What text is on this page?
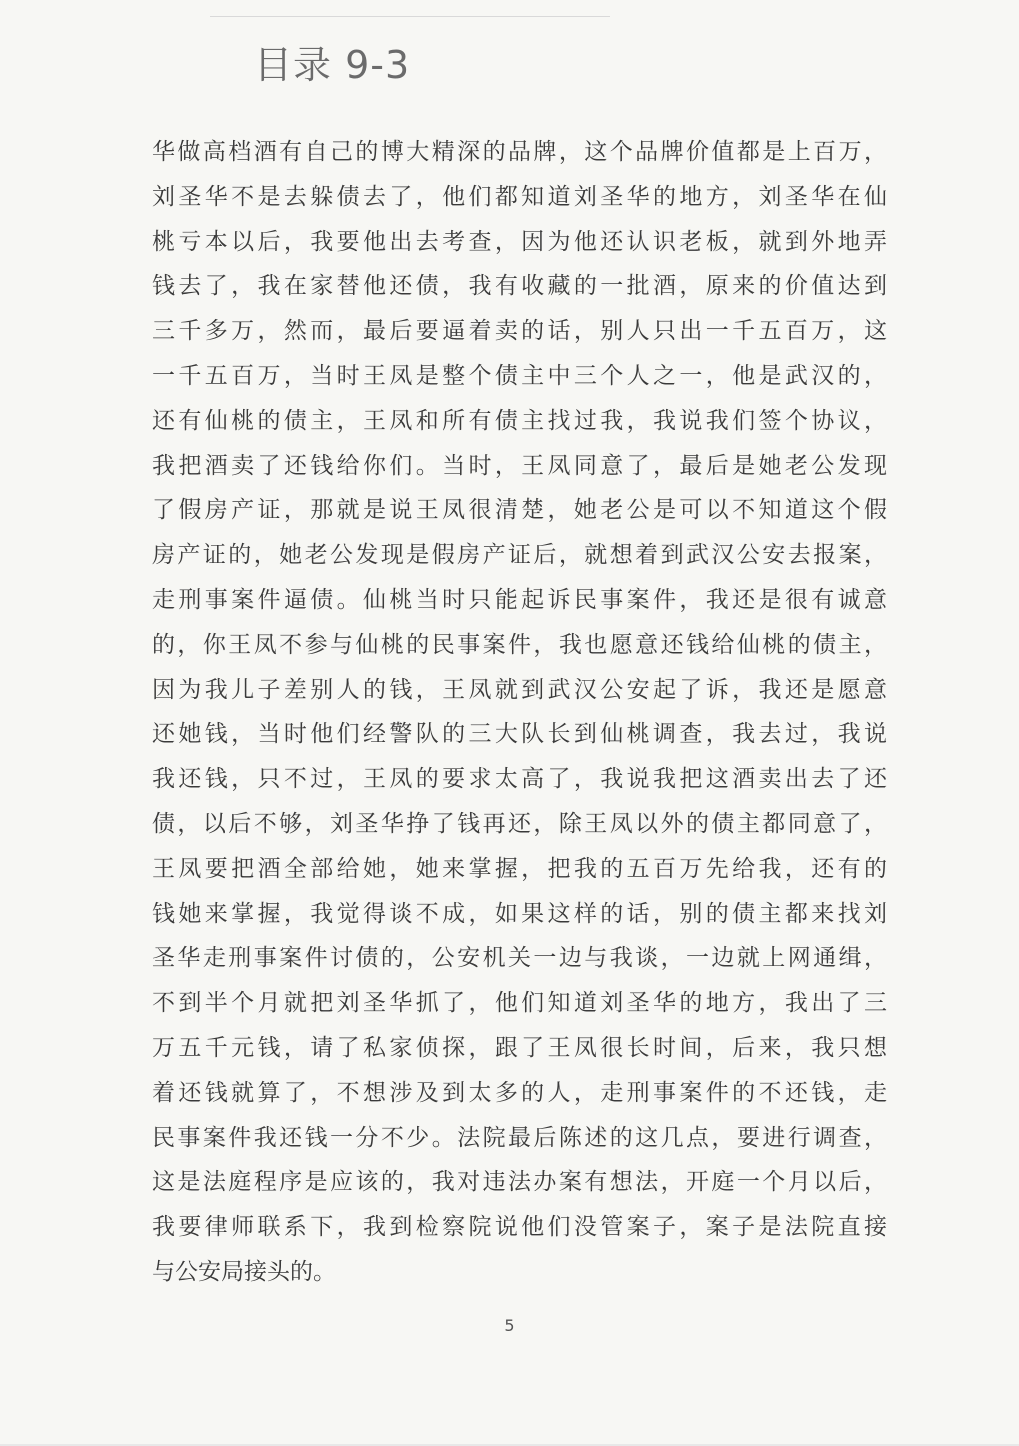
目录 9-3
华做高档酒有自己的博大精深的品牌，这个品牌价值都是上百万，
刘圣华不是去躲债去了，他们都知道刘圣华的地方，刘圣华在仙
桃亏本以后，我要他出去考查，因为他还认识老板，就到外地弄
钱去了，我在家替他还债，我有收藏的一批酒，原来的价值达到
三千多万，然而，最后要逼着卖的话，别人只出一千五百万，这
一千五百万，当时王凤是整个债主中三个人之一，他是武汉的，
还有仙桃的债主，王凤和所有债主找过我，我说我们签个协议，
我把酒卖了还钱给你们。当时，王凤同意了，最后是她老公发现
了假房产证，那就是说王凤很清楚，她老公是可以不知道这个假
房产证的，她老公发现是假房产证后，就想着到武汉公安去报案，
走刑事案件逼债。仙桃当时只能起诉民事案件，我还是很有诚意
的，你王凤不参与仙桃的民事案件，我也愿意还钱给仙桃的债主，
因为我儿子差别人的钱，王凤就到武汉公安起了诉，我还是愿意
还她钱，当时他们经警队的三大队长到仙桃调查，我去过，我说
我还钱，只不过，王凤的要求太高了，我说我把这酒卖出去了还
债，以后不够，刘圣华挣了钱再还，除王凤以外的债主都同意了，
王凤要把酒全部给她，她来掌握，把我的五百万先给我，还有的
钱她来掌握，我觉得谈不成，如果这样的话，别的债主都来找刘
圣华走刑事案件讨债的，公安机关一边与我谈，一边就上网通缉，
不到半个月就把刘圣华抓了，他们知道刘圣华的地方，我出了三
万五千元钱，请了私家侦探，跟了王凤很长时间，后来，我只想
着还钱就算了，不想涉及到太多的人，走刑事案件的不还钱，走
民事案件我还钱一分不少。法院最后陈述的这几点，要进行调查，
这是法庭程序是应该的，我对违法办案有想法，开庭一个月以后，
我要律师联系下，我到检察院说他们没管案子，案子是法院直接
与公安局接头的。
5
